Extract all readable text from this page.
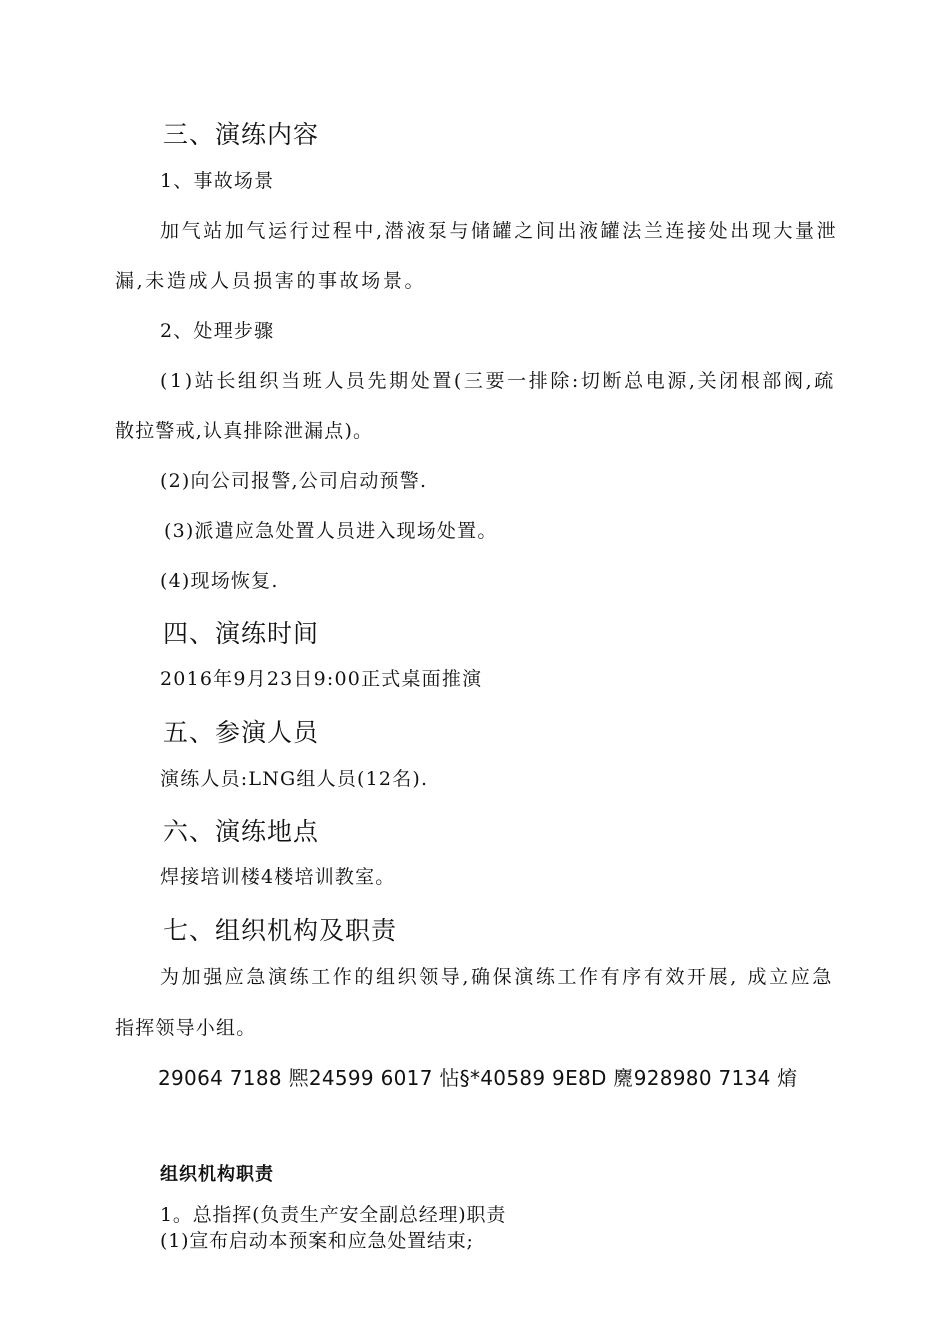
三、演练内容
1、事故场景
加气站加气运行过程中,潜液泵与储罐之间出液罐法兰连接处出现大量泄
漏,未造成人员损害的事故场景。
2、处理步骤
(1)站长组织当班人员先期处置(三要一排除:切断总电源,关闭根部阀,疏
散拉警戒,认真排除泄漏点)。
(2)向公司报警,公司启动预警.
(3)派遣应急处置人员进入现场处置。
(4)现场恢复.
四、演练时间
2016年9月23日9:00正式桌面推演
五、参演人员
演练人员:LNG组人员(12名).
六、演练地点
焊接培训楼4楼培训教室。
七、组织机构及职责
为加强应急演练工作的组织领导,确保演练工作有序有效开展, 成立应急
指挥领导小组。
29064 7188 熈24599 6017 怗§*40589 9E8D 麍928980 7134 焴
组织机构职责
1。总指挥(负责生产安全副总经理)职责
(1)宣布启动本预案和应急处置结束;
